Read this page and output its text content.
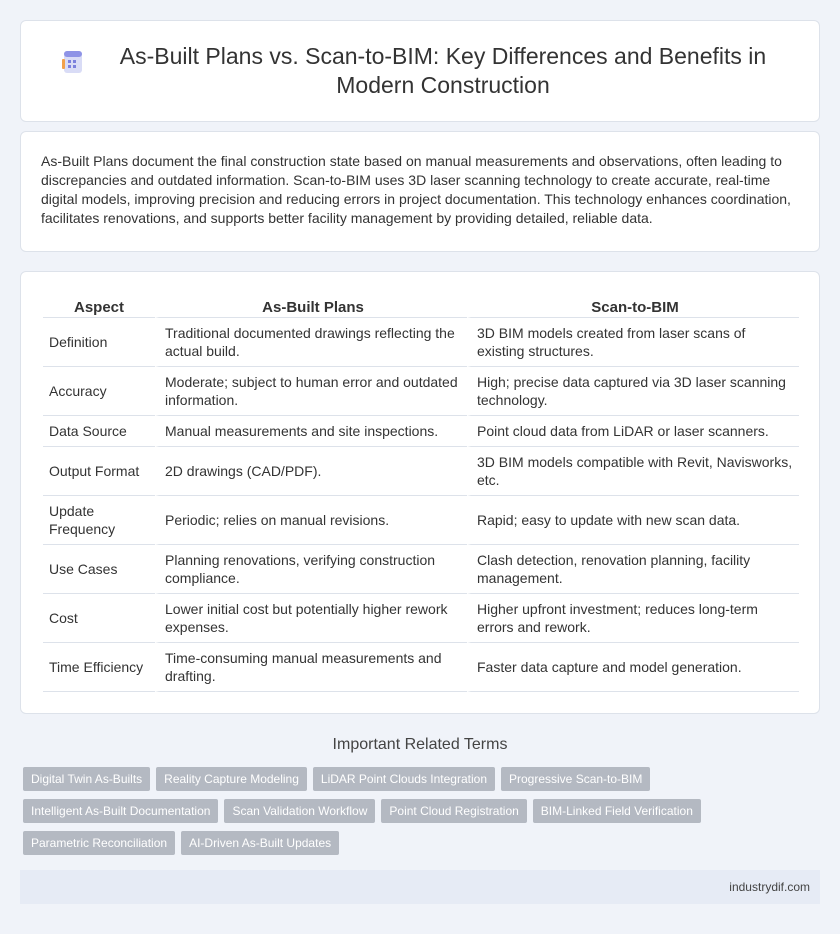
As-Built Plans vs. Scan-to-BIM: Key Differences and Benefits in Modern Construction

As-Built Plans document the final construction state based on manual measurements and observations, often leading to discrepancies and outdated information. Scan-to-BIM uses 3D laser scanning technology to create accurate, real-time digital models, improving precision and reducing errors in project documentation. This technology enhances coordination, facilitates renovations, and supports better facility management by providing detailed, reliable data.

Aspect	As-Built Plans	Scan-to-BIM
Definition	Traditional documented drawings reflecting the actual build.	3D BIM models created from laser scans of existing structures.
Accuracy	Moderate; subject to human error and outdated information.	High; precise data captured via 3D laser scanning technology.
Data Source	Manual measurements and site inspections.	Point cloud data from LiDAR or laser scanners.
Output Format	2D drawings (CAD/PDF).	3D BIM models compatible with Revit, Navisworks, etc.
Update Frequency	Periodic; relies on manual revisions.	Rapid; easy to update with new scan data.
Use Cases	Planning renovations, verifying construction compliance.	Clash detection, renovation planning, facility management.
Cost	Lower initial cost but potentially higher rework expenses.	Higher upfront investment; reduces long-term errors and rework.
Time Efficiency	Time-consuming manual measurements and drafting.	Faster data capture and model generation.
Important Related Terms
Digital Twin As-Builts Reality Capture Modeling LiDAR Point Clouds Integration Progressive Scan-to-BIM
Intelligent As-Built Documentation Scan Validation Workflow Point Cloud Registration BIM-Linked Field Verification
Parametric Reconciliation AI-Driven As-Built Updates
industrydif.com
